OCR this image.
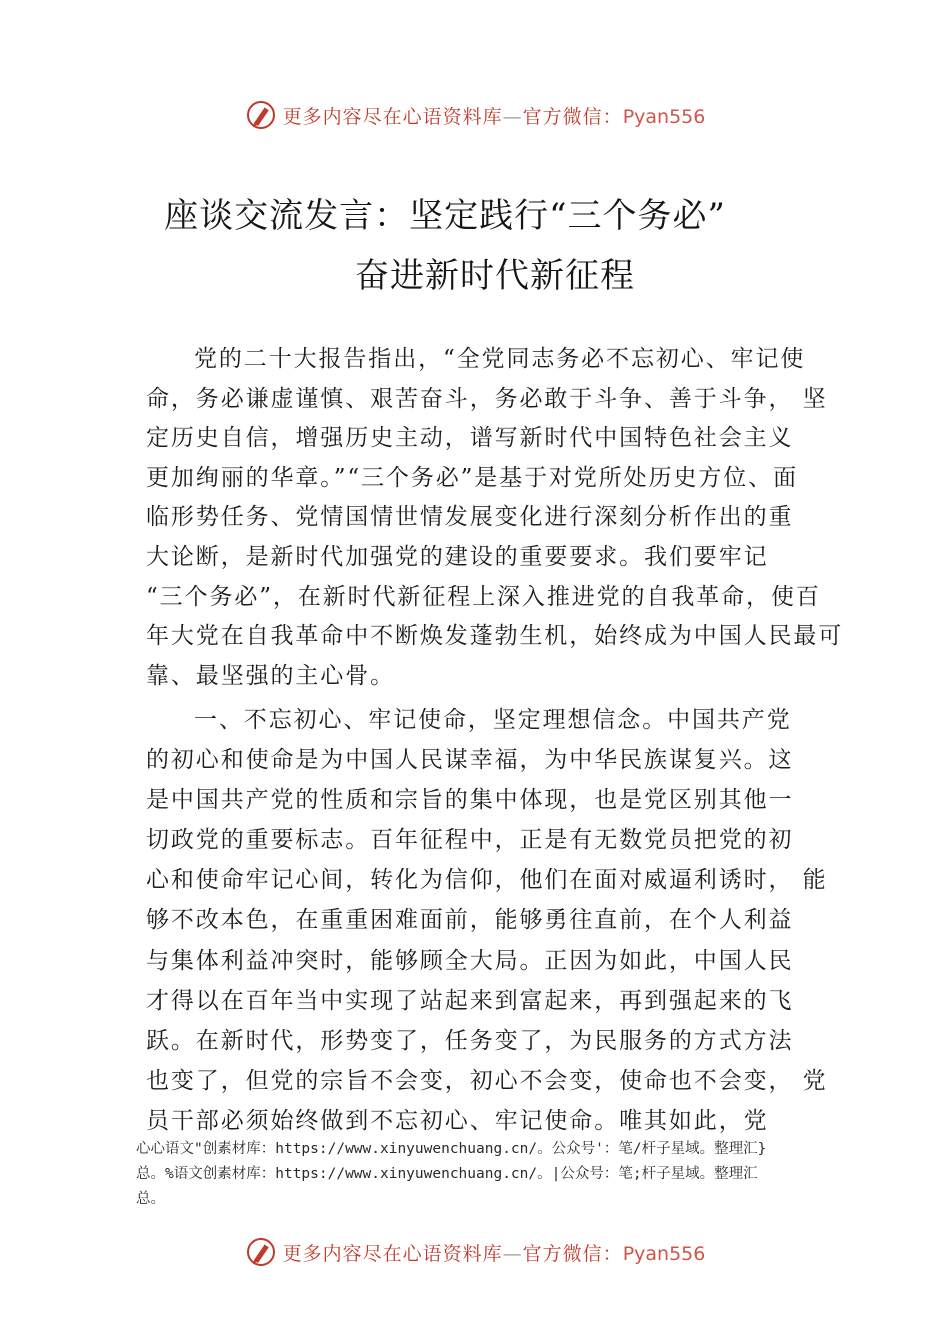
更多内容尽在心语资料库—官方微信：Pyan556
座谈交流发言：坚定践行“三个务必”
奋进新时代新征程
党的二十大报告指出，“全党同志务必不忘初心、牢记使
命，务必谦虚谨慎、艰苦奋斗，务必敢于斗争、善于斗争， 坚
定历史自信，增强历史主动，谱写新时代中国特色社会主义
更加绚丽的华章。”“三个务必”是基于对党所处历史方位、面
临形势任务、党情国情世情发展变化进行深刻分析作出的重
大论断，是新时代加强党的建设的重要要求。我们要牢记
“三个务必”，在新时代新征程上深入推进党的自我革命，使百
年大党在自我革命中不断焕发蓬勃生机，始终成为中国人民最可
靠、最坚强的主心骨。
一、不忘初心、牢记使命，坚定理想信念。中国共产党
的初心和使命是为中国人民谋幸福，为中华民族谋复兴。这
是中国共产党的性质和宗旨的集中体现，也是党区别其他一
切政党的重要标志。百年征程中，正是有无数党员把党的初
心和使命牢记心间，转化为信仰，他们在面对威逼利诱时， 能
够不改本色，在重重困难面前，能够勇往直前，在个人利益
与集体利益冲突时，能够顾全大局。正因为如此，中国人民
才得以在百年当中实现了站起来到富起来，再到强起来的飞
跃。在新时代，形势变了，任务变了，为民服务的方式方法
也变了，但党的宗旨不会变，初心不会变，使命也不会变， 党
员干部必须始终做到不忘初心、牢记使命。唯其如此，党
心心语文"创素材库：https://www.xinyuwenchuang.cn/。公众号'：笔/杆子星域。整理汇}
总。%语文创素材库：https://www.xinyuwenchuang.cn/。|公众号：笔;杆子星域。整理汇
总。
更多内容尽在心语资料库—官方微信：Pyan556
